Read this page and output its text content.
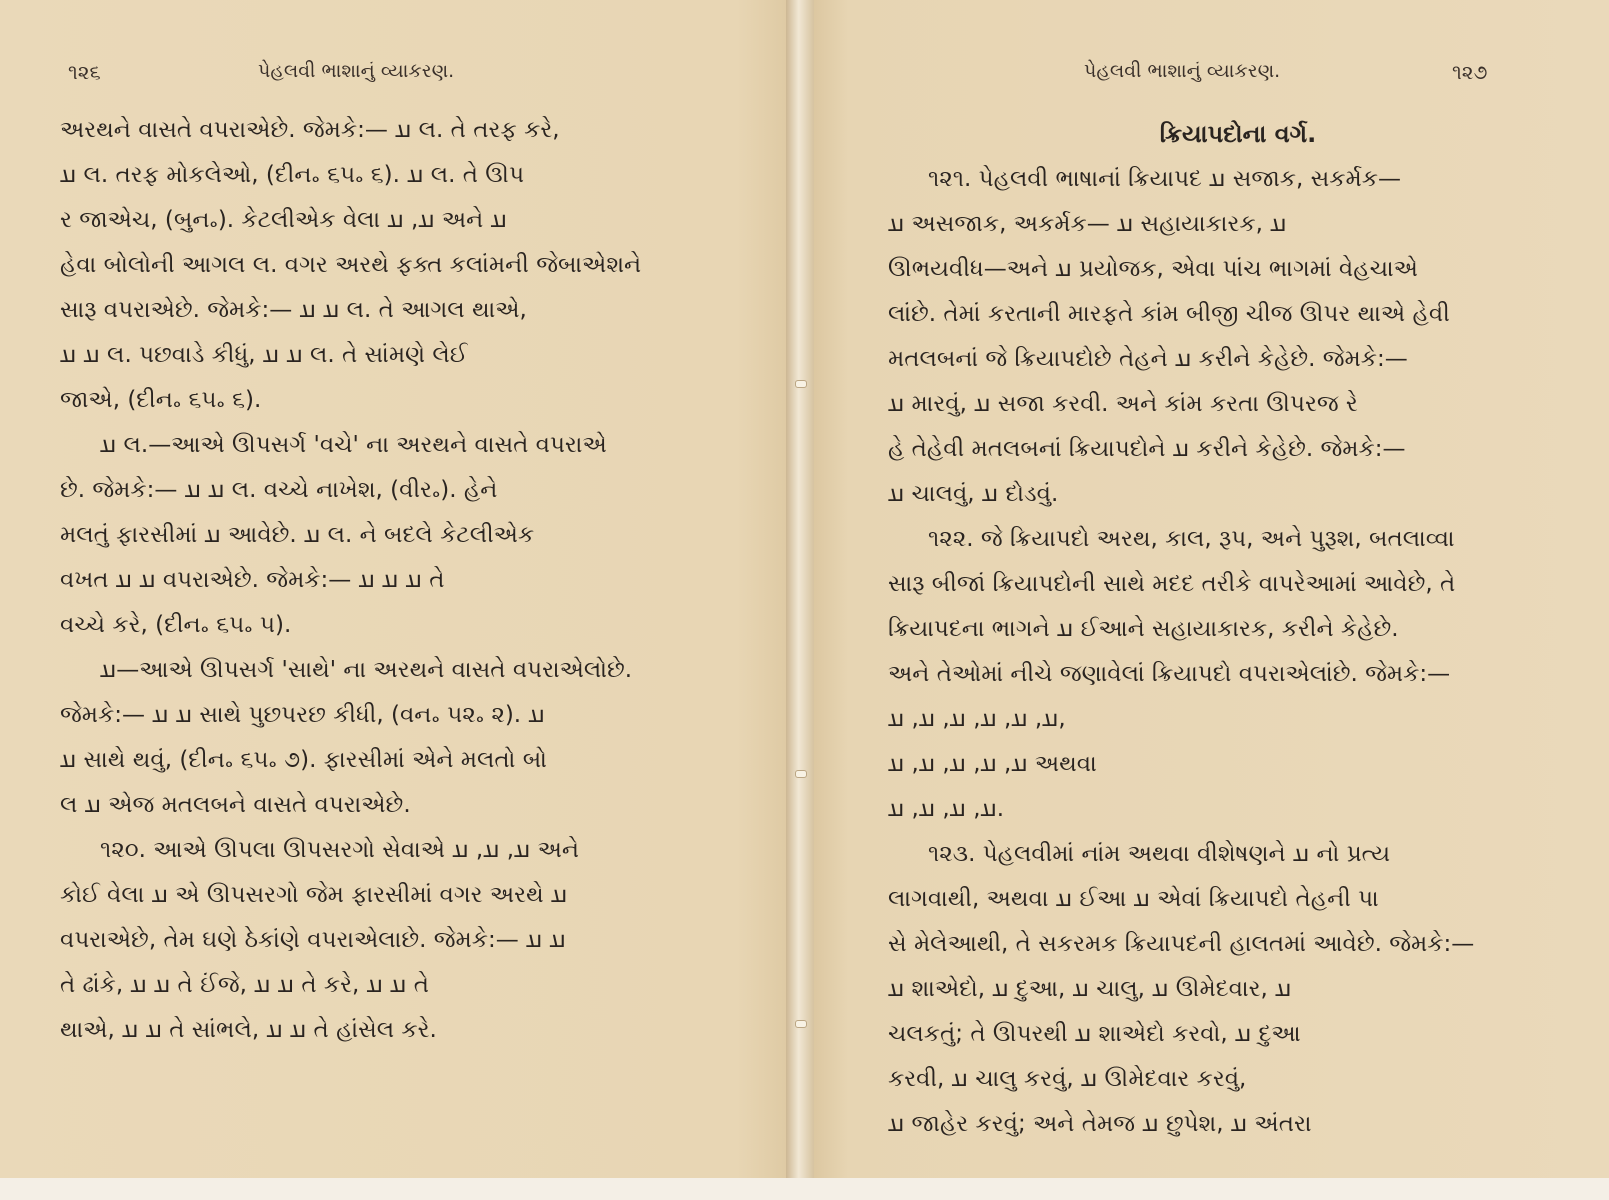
૧૨૬	પેહલવી ભાશાનું વ્યાકરણ.
અરથને વાસતે વપરાએછે. જેમકે:— 𐭠 લ. તે તરફ કરે,
𐭠 લ. તરફ મોકલેઓ, (દીન૰ ૬૫૰ ૬). 𐭠 લ. તે ઊપ
ર જાએચ, (બુન૰). કેટલીએક વેલા 𐭠, 𐭠 અને 𐭠
હેવા બોલોની આગલ લ. વગર અરથે ફક્ત કલાંમની જેબાએશને
સારૂ વપરાએછે. જેમકે:— 𐭠 𐭠 લ. તે આગલ થાએ,
𐭠 𐭠 લ. પછવાડે કીધું, 𐭠 𐭠 લ. તે સાંમણે લેઈ
જાએ, (દીન૰ ૬૫૰ ૬).
𐭠 લ.—આએ ઊપસર્ગ 'વચે' ના અરથને વાસતે વપરાએ
છે. જેમકે:— 𐭠 𐭠 લ. વચ્ચે નાખેશ, (વીર૰). હેને
મલતું ફારસીમાં 𐭠 આવેછે. 𐭠 લ. ને બદલે કેટલીએક
વખત 𐭠 𐭠 વપરાએછે. જેમકે:— 𐭠 𐭠 𐭠 તે
વચ્ચે કરે, (દીન૰ ૬૫૰ ૫).
𐭠—આએ ઊપસર્ગ 'સાથે' ના અરથને વાસતે વપરાએલોછે.
જેમકે:— 𐭠 𐭠 સાથે પુછપરછ કીધી, (વન૰ ૫૨૰ ૨). 𐭠
𐭠 સાથે થવું, (દીન૰ ૬૫૰ ૭). ફારસીમાં એને મલતો બો
લ 𐭠 એજ મતલબને વાસતે વપરાએછે.
૧૨૦. આએ ઊપલા ઊપસરગો સેવાએ 𐭠, 𐭠, 𐭠 અને
કોઈ વેલા 𐭠 એ ઊપસરગો જેમ ફારસીમાં વગર અરથે 𐭠
વપરાએછે, તેમ ઘણે ઠેકાંણે વપરાએલાછે. જેમકે:— 𐭠 𐭠
તે ઢાંકે, 𐭠 𐭠 તે ઈંજે, 𐭠 𐭠 તે કરે, 𐭠 𐭠 તે
થાએ, 𐭠 𐭠 તે સાંભલે, 𐭠 𐭠 તે હાંસેલ કરે.
પેહલવી ભાશાનું વ્યાકરણ.	૧૨૭
ક્રિયાપદોના વર્ગ.
૧૨૧. પેહલવી ભાષાનાં ક્રિયાપદ 𐭠 સજાક, સકર્મક—
𐭠 અસજાક, અકર્મક— 𐭠 સહાયાકારક, 𐭠
ઊભયવીધ—અને 𐭠 પ્રયોજક, એવા પાંચ ભાગમાં વેહચાએ
લાંછે. તેમાં કરતાની મારફતે કાંમ બીજી ચીજ ઊપર થાએ હેવી
મતલબનાં જે ક્રિયાપદોછે તેહને 𐭠 કરીને કેહેછે. જેમકે:—
𐭠 મારવું, 𐭠 સજા કરવી. અને કાંમ કરતા ઊપરજ રે
હે તેહેવી મતલબનાં ક્રિયાપદોને 𐭠 કરીને કેહેછે. જેમકે:—
𐭠 ચાલવું, 𐭠 દોડવું.
૧૨૨. જે ક્રિયાપદો અરથ, કાલ, રૂપ, અને પુરૂશ, બતલાવ્વા
સારૂ બીજાં ક્રિયાપદોની સાથે મદદ તરીકે વાપરેઆમાં આવેછે, તે
ક્રિયાપદના ભાગને 𐭠 ઈઆને સહાયાકારક, કરીને કેહેછે.
અને તેઓમાં નીચે જણાવેલાં ક્રિયાપદો વપરાએલાંછે. જેમકે:—
𐭠, 𐭠, 𐭠, 𐭠, 𐭠, 𐭠,
𐭠, 𐭠, 𐭠, 𐭠, 𐭠 અથવા
𐭠, 𐭠, 𐭠, 𐭠.
૧૨૩. પેહલવીમાં નાંમ અથવા વીશેષણને 𐭠 નો પ્રત્ય
લાગવાથી, અથવા 𐭠 ઈઆ 𐭠 એવાં ક્રિયાપદો તેહની પા
સે મેલેઆથી, તે સકરમક ક્રિયાપદની હાલતમાં આવેછે. જેમકે:—
𐭠 શાએદો, 𐭠 દુઆ, 𐭠 ચાલુ, 𐭠 ઊમેદવાર, 𐭠
ચલકતું; તે ઊપરથી 𐭠 શાએદો કરવો, 𐭠 દુઆ
કરવી, 𐭠 ચાલુ કરવું, 𐭠 ઊમેદવાર કરવું,
𐭠 જાહેર કરવું; અને તેમજ 𐭠 છુપેશ, 𐭠 અંતરા
